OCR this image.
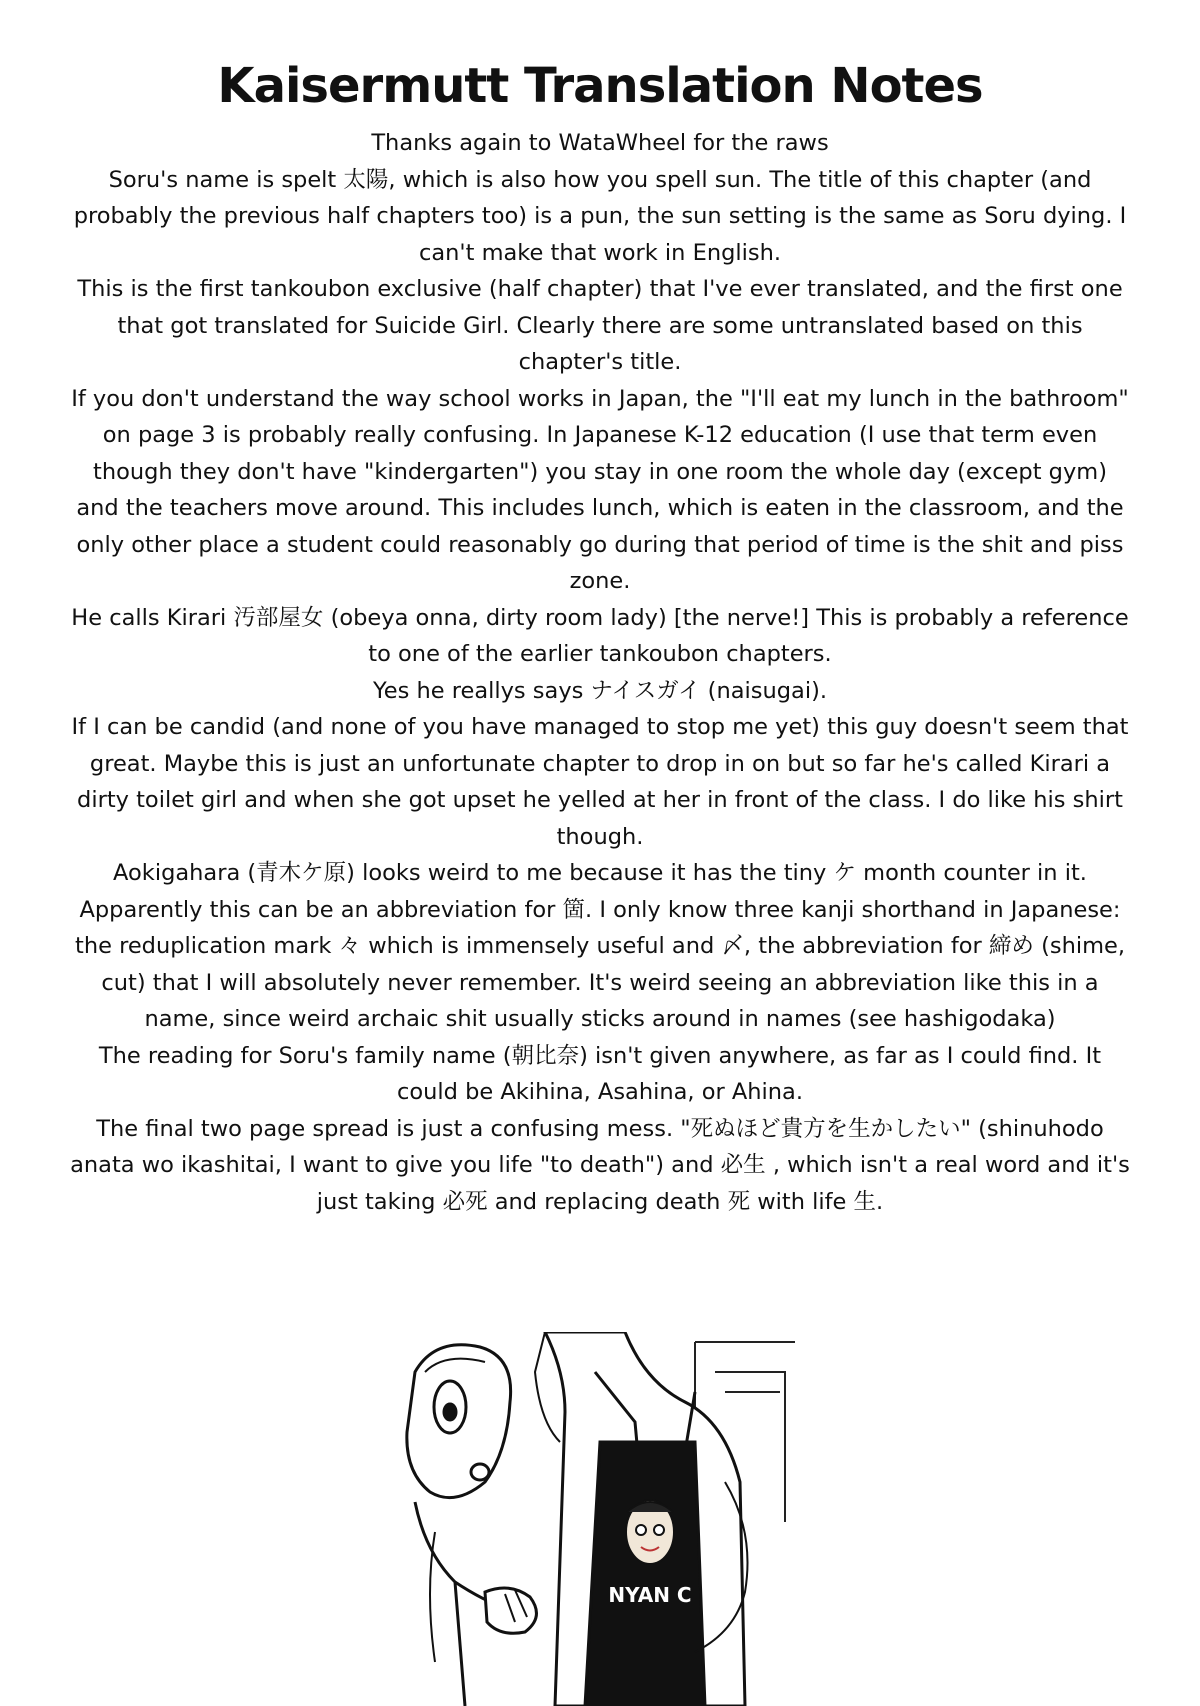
Kaisermutt Translation Notes

Thanks again to WataWheel for the raws

Soru's name is spelt 太陽, which is also how you spell sun. The title of this chapter (and probably the previous half chapters too) is a pun, the sun setting is the same as Soru dying. I can't make that work in English.

This is the first tankoubon exclusive (half chapter) that I've ever translated, and the first one that got translated for Suicide Girl. Clearly there are some untranslated based on this chapter's title.

If you don't understand the way school works in Japan, the "I'll eat my lunch in the bathroom" on page 3 is probably really confusing. In Japanese K-12 education (I use that term even though they don't have "kindergarten") you stay in one room the whole day (except gym) and the teachers move around. This includes lunch, which is eaten in the classroom, and the only other place a student could reasonably go during that period of time is the shit and piss zone.

He calls Kirari 汚部屋女 (obeya onna, dirty room lady) [the nerve!] This is probably a reference to one of the earlier tankoubon chapters.

Yes he reallys says ナイスガイ (naisugai).

If I can be candid (and none of you have managed to stop me yet) this guy doesn't seem that great. Maybe this is just an unfortunate chapter to drop in on but so far he's called Kirari a dirty toilet girl and when she got upset he yelled at her in front of the class. I do like his shirt though.

Aokigahara (青木ケ原) looks weird to me because it has the tiny ケ month counter in it. Apparently this can be an abbreviation for 箇. I only know three kanji shorthand in Japanese: the reduplication mark 々 which is immensely useful and 〆, the abbreviation for 締め (shime, cut) that I will absolutely never remember. It's weird seeing an abbreviation like this in a name, since weird archaic shit usually sticks around in names (see hashigodaka)

The reading for Soru's family name (朝比奈) isn't given anywhere, as far as I could find. It could be Akihina, Asahina, or Ahina.

The final two page spread is just a confusing mess. "死ぬほど貴方を生かしたい" (shinuhodo anata wo ikashitai, I want to give you life "to death") and 必生 , which isn't a real word and it's just taking 必死 and replacing death 死 with life 生.

NYAN C
